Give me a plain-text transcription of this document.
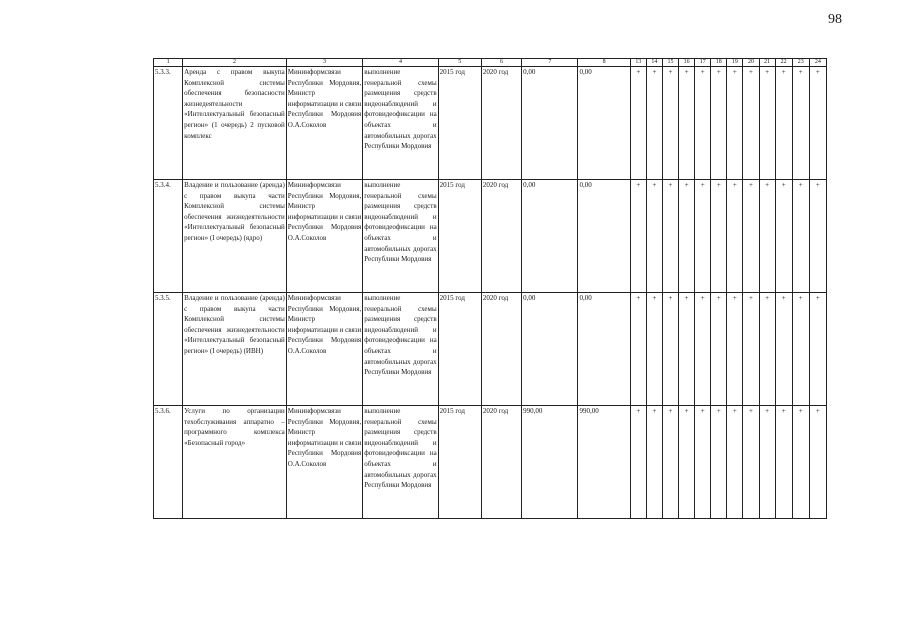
98
1	2	3	4	5	6	7	8	13	14	15	16	17	18	19	20	21	22	23	24
5.3.3.	Аренда с правом выкупа Комплексной системы обеспечения безопасности жизнедеятельности «Интеллектуальный безопасный регион» (1 очередь) 2 пусковой комплекс	Мининформсвязи Республики Мордовия, Министр информатизации и связи Республики Мордовия О.А.Соколов	выполнение генеральной схемы размещения средств видеонаблюдений и фотовидеофиксации на объектах и автомобильных дорогах Республики Мордовия	2015 год	2020 год	0,00	0,00	+	+	+	+	+	+	+	+	+	+	+	+
5.3.4.	Владение и пользование (аренда) с правом выкупа части Комплексной системы обеспечения жизнедеятельности «Интеллектуальный безопасный регион» (I очередь) (ядро)	Мининформсвязи Республики Мордовия, Министр информатизации и связи Республики Мордовия О.А.Соколов	выполнение генеральной схемы размещения средств видеонаблюдений и фотовидеофиксации на объектах и автомобильных дорогах Республики Мордовия	2015 год	2020 год	0,00	0,00	+	+	+	+	+	+	+	+	+	+	+	+
5.3.5.	Владение и пользование (аренда) с правом выкупа части Комплексной системы обеспечения жизнедеятельности «Интеллектуальный безопасный регион» (I очередь) (ИВН)	Мининформсвязи Республики Мордовия, Министр информатизации и связи Республики Мордовия О.А.Соколов	выполнение генеральной схемы размещения средств видеонаблюдений и фотовидеофиксации на объектах и автомобильных дорогах Республики Мордовия	2015 год	2020 год	0,00	0,00	+	+	+	+	+	+	+	+	+	+	+	+
5.3.6.	Услуги по организации техобслуживания аппаратно – программного комплекса «Безопасный город»	Мининформсвязи Республики Мордовия, Министр информатизации и связи Республики Мордовия О.А.Соколов	выполнение генеральной схемы размещения средств видеонаблюдений и фотовидеофиксации на объектах и автомобильных дорогах Республики Мордовия	2015 год	2020 год	990,00	990,00	+	+	+	+	+	+	+	+	+	+	+	+
